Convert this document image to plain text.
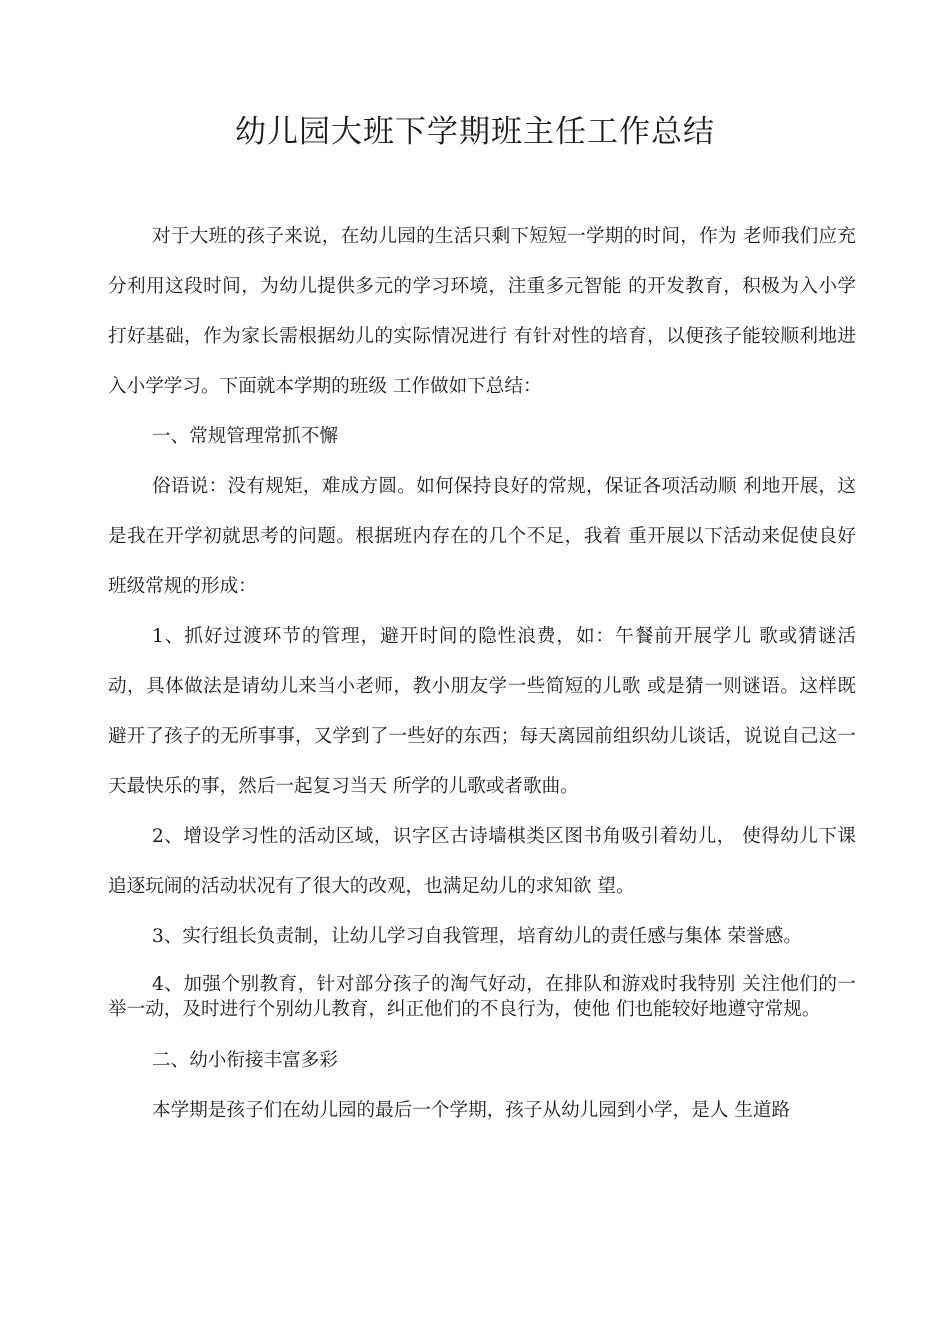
幼儿园大班下学期班主任工作总结

对于大班的孩子来说，在幼儿园的生活只剩下短短一学期的时间，作为 老师我们应充分利用这段时间，为幼儿提供多元的学习环境，注重多元智能 的开发教育，积极为入小学打好基础，作为家长需根据幼儿的实际情况进行 有针对性的培育，以便孩子能较顺利地进入小学学习。下面就本学期的班级 工作做如下总结：

一、常规管理常抓不懈

俗语说：没有规矩，难成方圆。如何保持良好的常规，保证各项活动顺 利地开展，这是我在开学初就思考的问题。根据班内存在的几个不足，我着 重开展以下活动来促使良好班级常规的形成：

1、抓好过渡环节的管理，避开时间的隐性浪费，如：午餐前开展学儿 歌或猜谜活动，具体做法是请幼儿来当小老师，教小朋友学一些简短的儿歌 或是猜一则谜语。这样既避开了孩子的无所事事，又学到了一些好的东西；每天离园前组织幼儿谈话，说说自己这一天最快乐的事，然后一起复习当天 所学的儿歌或者歌曲。

2、增设学习性的活动区域，识字区古诗墙棋类区图书角吸引着幼儿， 使得幼儿下课追逐玩闹的活动状况有了很大的改观，也满足幼儿的求知欲 望。

3、实行组长负责制，让幼儿学习自我管理，培育幼儿的责任感与集体 荣誉感。

4、加强个别教育，针对部分孩子的淘气好动，在排队和游戏时我特别 关注他们的一举一动，及时进行个别幼儿教育，纠正他们的不良行为，使他 们也能较好地遵守常规。

二、幼小衔接丰富多彩

本学期是孩子们在幼儿园的最后一个学期，孩子从幼儿园到小学，是人 生道路
